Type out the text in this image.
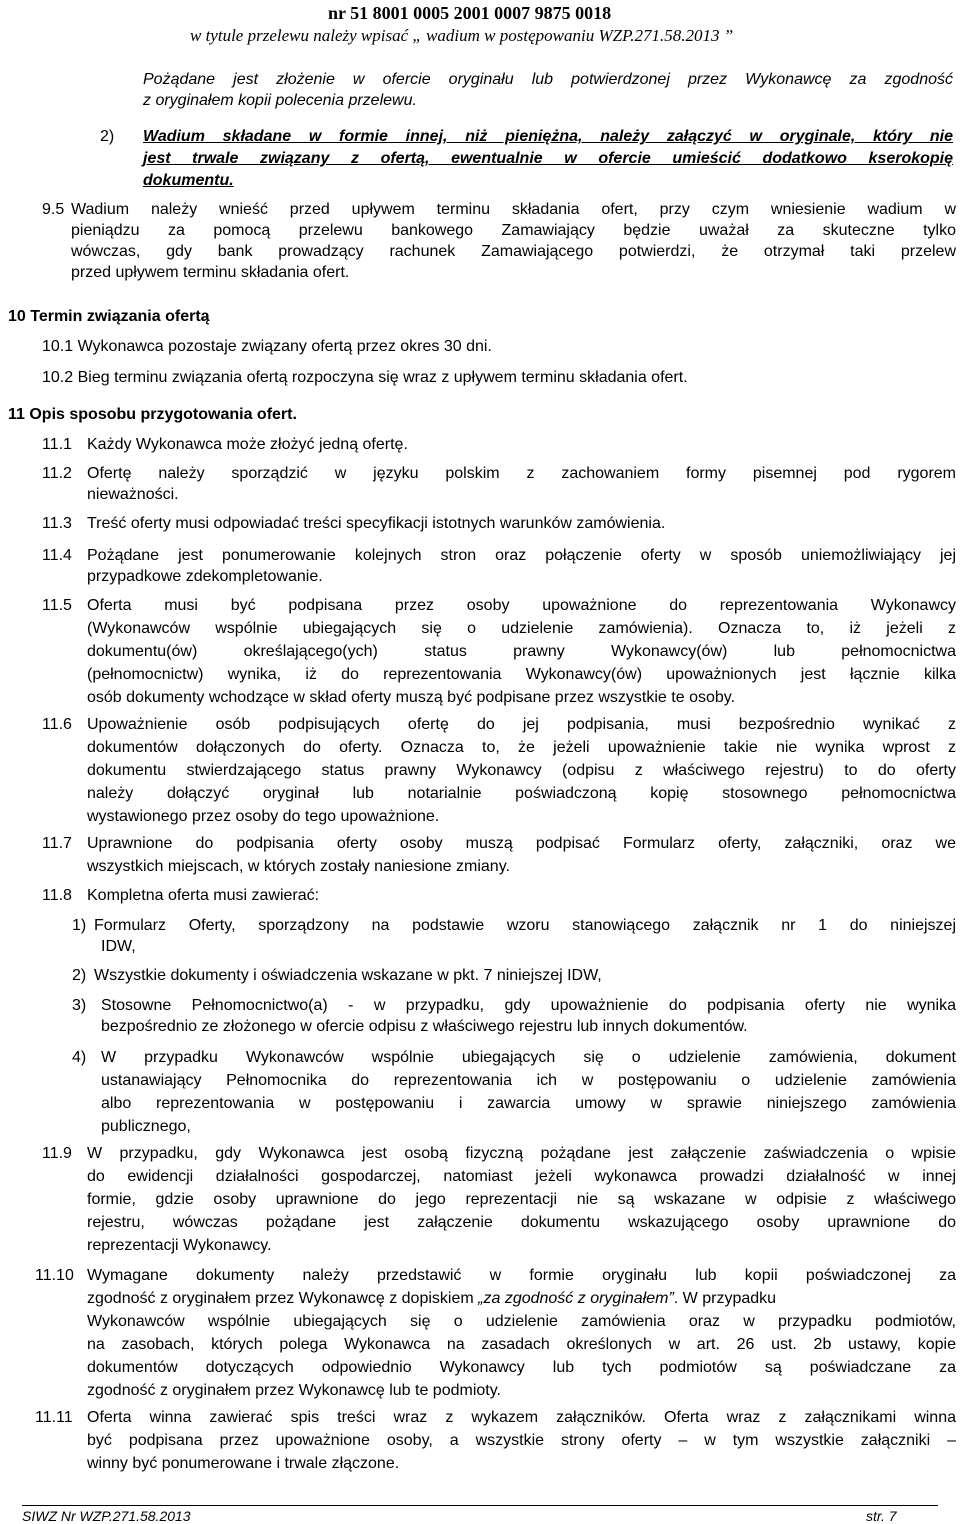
nr 51 8001 0005 2001 0007 9875 0018
w tytule przelewu należy wpisać „ wadium w postępowaniu WZP.271.58.2013 ”
Pożądane jest złożenie w ofercie oryginału lub potwierdzonej przez Wykonawcę za zgodność
z oryginałem kopii polecenia przelewu.
2) Wadium składane w formie innej, niż pieniężna, należy załączyć w oryginale, który nie
jest trwale związany z ofertą, ewentualnie w ofercie umieścić dodatkowo kserokopię
dokumentu.
9.5 Wadium należy wnieść przed upływem terminu składania ofert, przy czym wniesienie wadium w
pieniądzu za pomocą przelewu bankowego Zamawiający będzie uważał za skuteczne tylko
wówczas, gdy bank prowadzący rachunek Zamawiającego potwierdzi, że otrzymał taki przelew
przed upływem terminu składania ofert.
10 Termin związania ofertą
10.1 Wykonawca pozostaje związany ofertą przez okres 30 dni.
10.2 Bieg terminu związania ofertą rozpoczyna się wraz z upływem terminu składania ofert.
11 Opis sposobu przygotowania ofert.
11.1 Każdy Wykonawca może złożyć jedną ofertę.
11.2 Ofertę należy sporządzić w języku polskim z zachowaniem formy pisemnej pod rygorem
nieważności.
11.3 Treść oferty musi odpowiadać treści specyfikacji istotnych warunków zamówienia.
11.4 Pożądane jest ponumerowanie kolejnych stron oraz połączenie oferty w sposób uniemożliwiający jej
przypadkowe zdekompletowanie.
11.5 Oferta musi być podpisana przez osoby upoważnione do reprezentowania Wykonawcy
(Wykonawców wspólnie ubiegających się o udzielenie zamówienia). Oznacza to, iż jeżeli z
dokumentu(ów) określającego(ych) status prawny Wykonawcy(ów) lub pełnomocnictwa
(pełnomocnictw) wynika, iż do reprezentowania Wykonawcy(ów) upoważnionych jest łącznie kilka
osób dokumenty wchodzące w skład oferty muszą być podpisane przez wszystkie te osoby.
11.6 Upoważnienie osób podpisujących ofertę do jej podpisania, musi bezpośrednio wynikać z
dokumentów dołączonych do oferty. Oznacza to, że jeżeli upoważnienie takie nie wynika wprost z
dokumentu stwierdzającego status prawny Wykonawcy (odpisu z właściwego rejestru) to do oferty
należy dołączyć oryginał lub notarialnie poświadczoną kopię stosownego pełnomocnictwa
wystawionego przez osoby do tego upoważnione.
11.7 Uprawnione do podpisania oferty osoby muszą podpisać Formularz oferty, załączniki, oraz we
wszystkich miejscach, w których zostały naniesione zmiany.
11.8 Kompletna oferta musi zawierać:
1) Formularz Oferty, sporządzony na podstawie wzoru stanowiącego załącznik nr 1 do niniejszej
IDW,
2) Wszystkie dokumenty i oświadczenia wskazane w pkt. 7 niniejszej IDW,
3) Stosowne Pełnomocnictwo(a) - w przypadku, gdy upoważnienie do podpisania oferty nie wynika
bezpośrednio ze złożonego w ofercie odpisu z właściwego rejestru lub innych dokumentów.
4) W przypadku Wykonawców wspólnie ubiegających się o udzielenie zamówienia, dokument
ustanawiający Pełnomocnika do reprezentowania ich w postępowaniu o udzielenie zamówienia
albo reprezentowania w postępowaniu i zawarcia umowy w sprawie niniejszego zamówienia
publicznego,
11.9 W przypadku, gdy Wykonawca jest osobą fizyczną pożądane jest załączenie zaświadczenia o wpisie
do ewidencji działalności gospodarczej, natomiast jeżeli wykonawca prowadzi działalność w innej
formie, gdzie osoby uprawnione do jego reprezentacji nie są wskazane w odpisie z właściwego
rejestru, wówczas pożądane jest załączenie dokumentu wskazującego osoby uprawnione do
reprezentacji Wykonawcy.
11.10 Wymagane dokumenty należy przedstawić w formie oryginału lub kopii poświadczonej za
zgodność z oryginałem przez Wykonawcę z dopiskiem „za zgodność z oryginałem”. W przypadku
Wykonawców wspólnie ubiegających się o udzielenie zamówienia oraz w przypadku podmiotów,
na zasobach, których polega Wykonawca na zasadach określonych w art. 26 ust. 2b ustawy, kopie
dokumentów dotyczących odpowiednio Wykonawcy lub tych podmiotów są poświadczane za
zgodność z oryginałem przez Wykonawcę lub te podmioty.
11.11 Oferta winna zawierać spis treści wraz z wykazem załączników. Oferta wraz z załącznikami winna
być podpisana przez upoważnione osoby, a wszystkie strony oferty – w tym wszystkie załączniki –
winny być ponumerowane i trwale złączone.
SIWZ Nr WZP.271.58.2013	str. 7
